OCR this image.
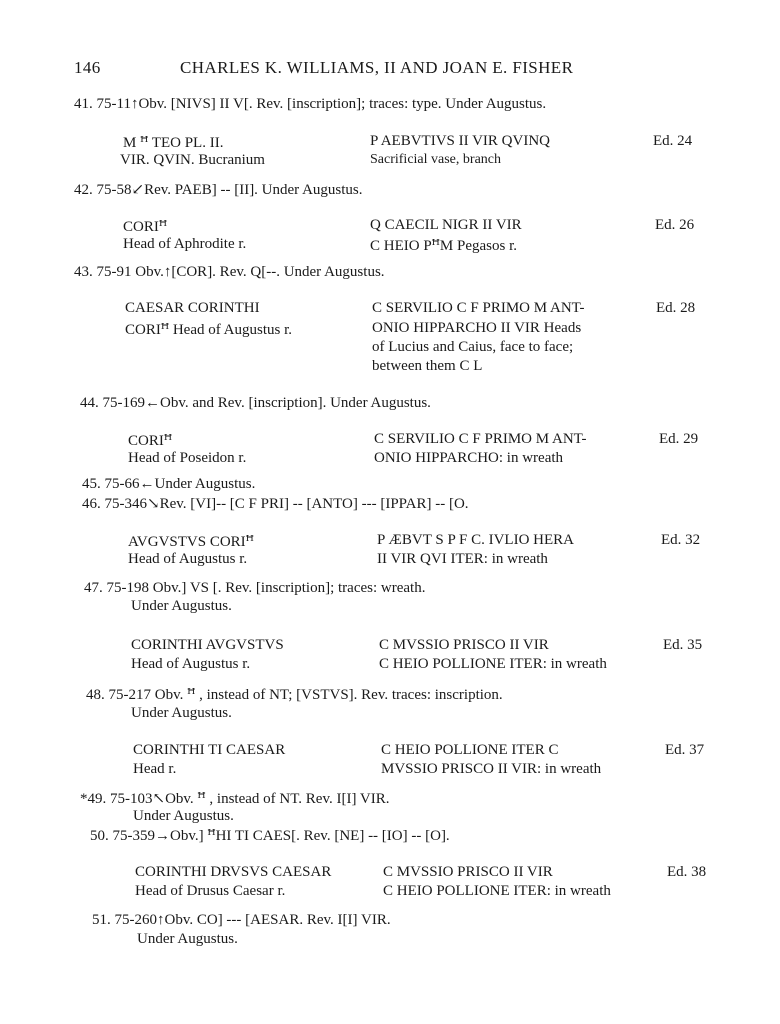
146	CHARLES K. WILLIAMS, II AND JOAN E. FISHER
41. 75-11↑Obv. [NIVS] II V[. Rev. [inscription]; traces: type. Under Augustus.
M ꟸ TEO PL. II.
VIR. QVIN. Bucranium
P AEBVTIVS II VIR QVINQ
Sacrificial vase, branch
Ed. 24
42. 75-58↙Rev. PAEB] -- [II]. Under Augustus.
CORIꟸ
Head of Aphrodite r.
Q CAECIL NIGR II VIR
C HEIO PꟸM Pegasos r.
Ed. 26
43. 75-91 Obv.↑[COR]. Rev. Q[--. Under Augustus.
CAESAR CORINTHI
CORIꟸ Head of Augustus r.
C SERVILIO C F PRIMO M ANT-
ONIO HIPPARCHO II VIR Heads
of Lucius and Caius, face to face;
between them C L
Ed. 28
44. 75-169←Obv. and Rev. [inscription]. Under Augustus.
CORIꟸ
Head of Poseidon r.
C SERVILIO C F PRIMO M ANT-
ONIO HIPPARCHO: in wreath
Ed. 29
45. 75-66←Under Augustus.
46. 75-346↘Rev. [VI]-- [C F PRI] -- [ANTO] --- [IPPAR] -- [O.
AVGVSTVS CORIꟸ
Head of Augustus r.
P ÆBVT S P F C. IVLIO HERA
II VIR QVI ITER: in wreath
Ed. 32
47. 75-198 Obv.] VS [. Rev. [inscription]; traces: wreath.
Under Augustus.
CORINTHI AVGVSTVS
Head of Augustus r.
C MVSSIO PRISCO II VIR
C HEIO POLLIONE ITER: in wreath
Ed. 35
48. 75-217 Obv. ꟸ , instead of NT; [VSTVS]. Rev. traces: inscription.
Under Augustus.
CORINTHI TI CAESAR
Head r.
C HEIO POLLIONE ITER C
MVSSIO PRISCO II VIR: in wreath
Ed. 37
*49. 75-103↖Obv. ꟸ , instead of NT. Rev. I[I] VIR.
Under Augustus.
50. 75-359→Obv.] ꟸHI TI CAES[. Rev. [NE] -- [IO] -- [O].
CORINTHI DRVSVS CAESAR
Head of Drusus Caesar r.
C MVSSIO PRISCO II VIR
C HEIO POLLIONE ITER: in wreath
Ed. 38
51. 75-260↑Obv. CO] --- [AESAR. Rev. I[I] VIR.
Under Augustus.
